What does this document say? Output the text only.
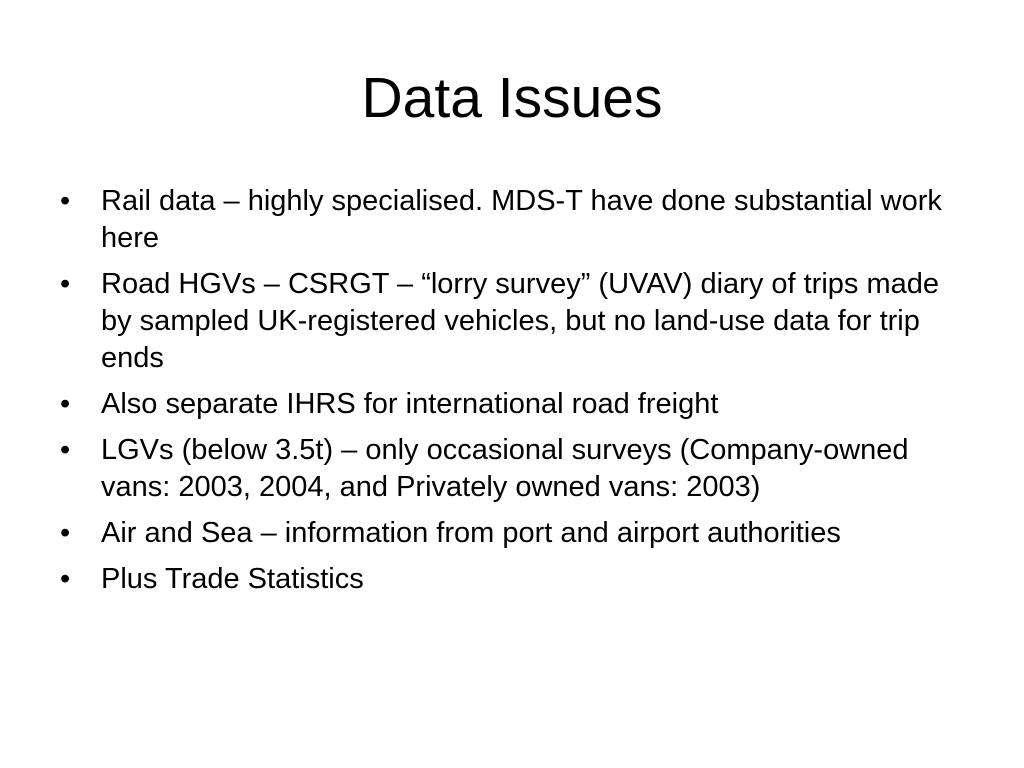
Data Issues
• Rail data – highly specialised. MDS-T have done substantial work here
• Road HGVs – CSRGT – “lorry survey” (UVAV) diary of trips made by sampled UK-registered vehicles, but no land-use data for trip ends
• Also separate IHRS for international road freight
• LGVs (below 3.5t) – only occasional surveys (Company-owned vans: 2003, 2004, and Privately owned vans: 2003)
• Air and Sea – information from port and airport authorities
• Plus Trade Statistics
